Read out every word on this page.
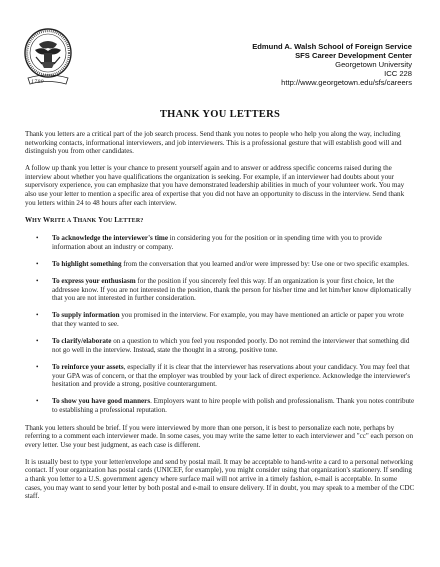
1789
Edmund A. Walsh School of Foreign Service
SFS Career Development Center
Georgetown University
ICC 228
http://www.georgetown.edu/sfs/careers
THANK YOU LETTERS

Thank you letters are a critical part of the job search process. Send thank you notes to people who help you along the way, including networking contacts, informational interviewers, and job interviewers. This is a professional gesture that will establish good will and distinguish you from other candidates.

A follow up thank you letter is your chance to present yourself again and to answer or address specific concerns raised during the interview about whether you have qualifications the organization is seeking. For example, if an interviewer had doubts about your supervisory experience, you can emphasize that you have demonstrated leadership abilities in much of your volunteer work. You may also use your letter to mention a specific area of expertise that you did not have an opportunity to discuss in the interview. Send thank you letters within 24 to 48 hours after each interview.

WHY WRITE A THANK YOU LETTER?
• To acknowledge the interviewer's time in considering you for the position or in spending time with you to provide information about an industry or company.
• To highlight something from the conversation that you learned and/or were impressed by: Use one or two specific examples.
• To express your enthusiasm for the position if you sincerely feel this way. If an organization is your first choice, let the addressee know. If you are not interested in the position, thank the person for his/her time and let him/her know diplomatically that you are not interested in further consideration.
• To supply information you promised in the interview. For example, you may have mentioned an article or paper you wrote that they wanted to see.
• To clarify/elaborate on a question to which you feel you responded poorly. Do not remind the interviewer that something did not go well in the interview. Instead, state the thought in a strong, positive tone.
• To reinforce your assets, especially if it is clear that the interviewer has reservations about your candidacy. You may feel that your GPA was of concern, or that the employer was troubled by your lack of direct experience. Acknowledge the interviewer's hesitation and provide a strong, positive counterargument.
• To show you have good manners. Employers want to hire people with polish and professionalism. Thank you notes contribute to establishing a professional reputation.

Thank you letters should be brief. If you were interviewed by more than one person, it is best to personalize each note, perhaps by referring to a comment each interviewer made. In some cases, you may write the same letter to each interviewer and "cc" each person on every letter. Use your best judgment, as each case is different.

It is usually best to type your letter/envelope and send by postal mail. It may be acceptable to hand-write a card to a personal networking contact. If your organization has postal cards (UNICEF, for example), you might consider using that organization's stationery. If sending a thank you letter to a U.S. government agency where surface mail will not arrive in a timely fashion, e-mail is acceptable. In some cases, you may want to send your letter by both postal and e-mail to ensure delivery. If in doubt, you may speak to a member of the CDC staff.
